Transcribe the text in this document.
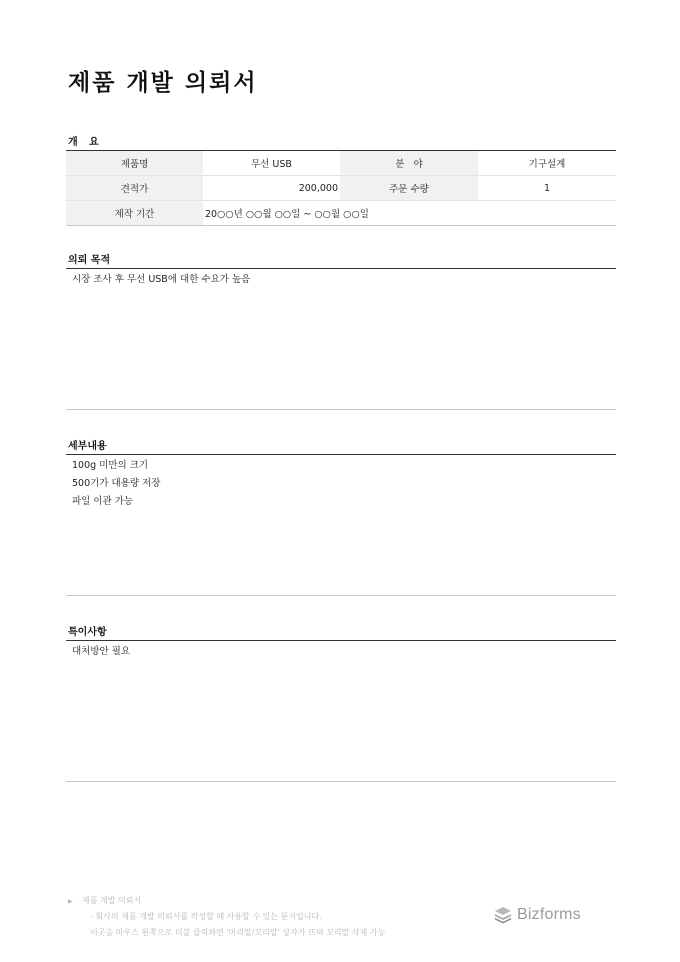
제품 개발 의뢰서
개 요
제품명	무선 USB	분   야	기구설계
견적가	200,000	주문 수량	1
제작 기간	20○○년 ○○월 ○○일 ~ ○○월 ○○일		
의뢰 목적
시장 조사 후 무선 USB에 대한 수요가 높음
세부내용
100g 미만의 크기
500기가 대용량 저장
파일 이관 가능
특이사항
대처방안 필요
▶ 제품 개발 의뢰서
- 회사의 제품 개발 의뢰서를 작성할 때 사용할 수 있는 문서입니다.
이곳을 마우스 왼쪽으로 더블 클릭하면 '머리말/꼬리말' 상자가 뜨며 꼬리말 삭제 가능
Bizforms
